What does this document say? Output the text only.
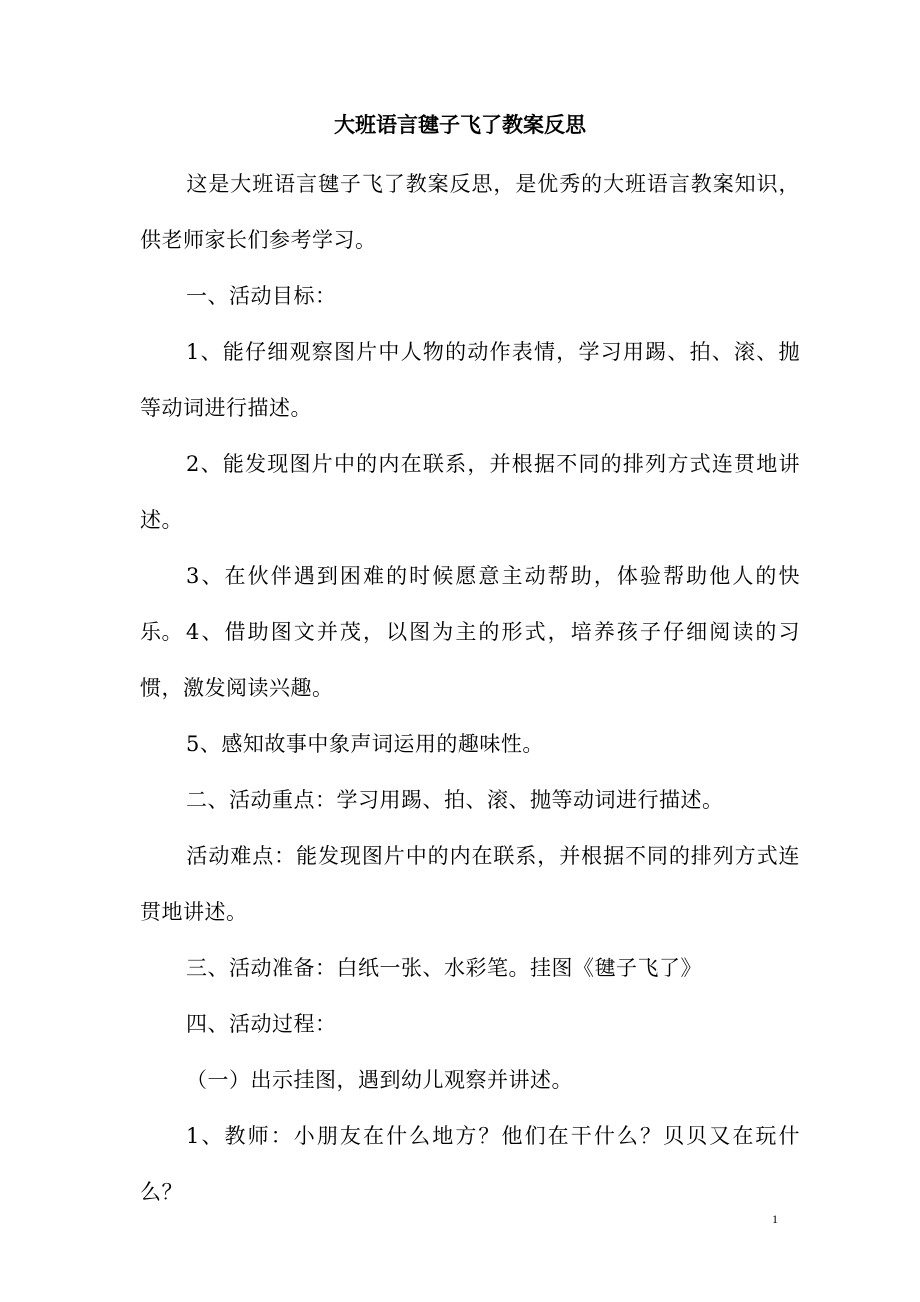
大班语言毽子飞了教案反思

这是大班语言毽子飞了教案反思，是优秀的大班语言教案知识，供老师家长们参考学习。

一、活动目标：

1、能仔细观察图片中人物的动作表情，学习用踢、拍、滚、抛等动词进行描述。

2、能发现图片中的内在联系，并根据不同的排列方式连贯地讲述。

3、在伙伴遇到困难的时候愿意主动帮助，体验帮助他人的快乐。 4、借助图文并茂，以图为主的形式，培养孩子仔细阅读的习惯，激发阅读兴趣。

5、感知故事中象声词运用的趣味性。

二、活动重点：学习用踢、拍、滚、抛等动词进行描述。

活动难点：能发现图片中的内在联系，并根据不同的排列方式连贯地讲述。

三、活动准备：白纸一张、水彩笔。挂图《毽子飞了》

四、活动过程：

（一）出示挂图，遇到幼儿观察并讲述。

1、教师：小朋友在什么地方？他们在干什么？贝贝又在玩什么？

1
